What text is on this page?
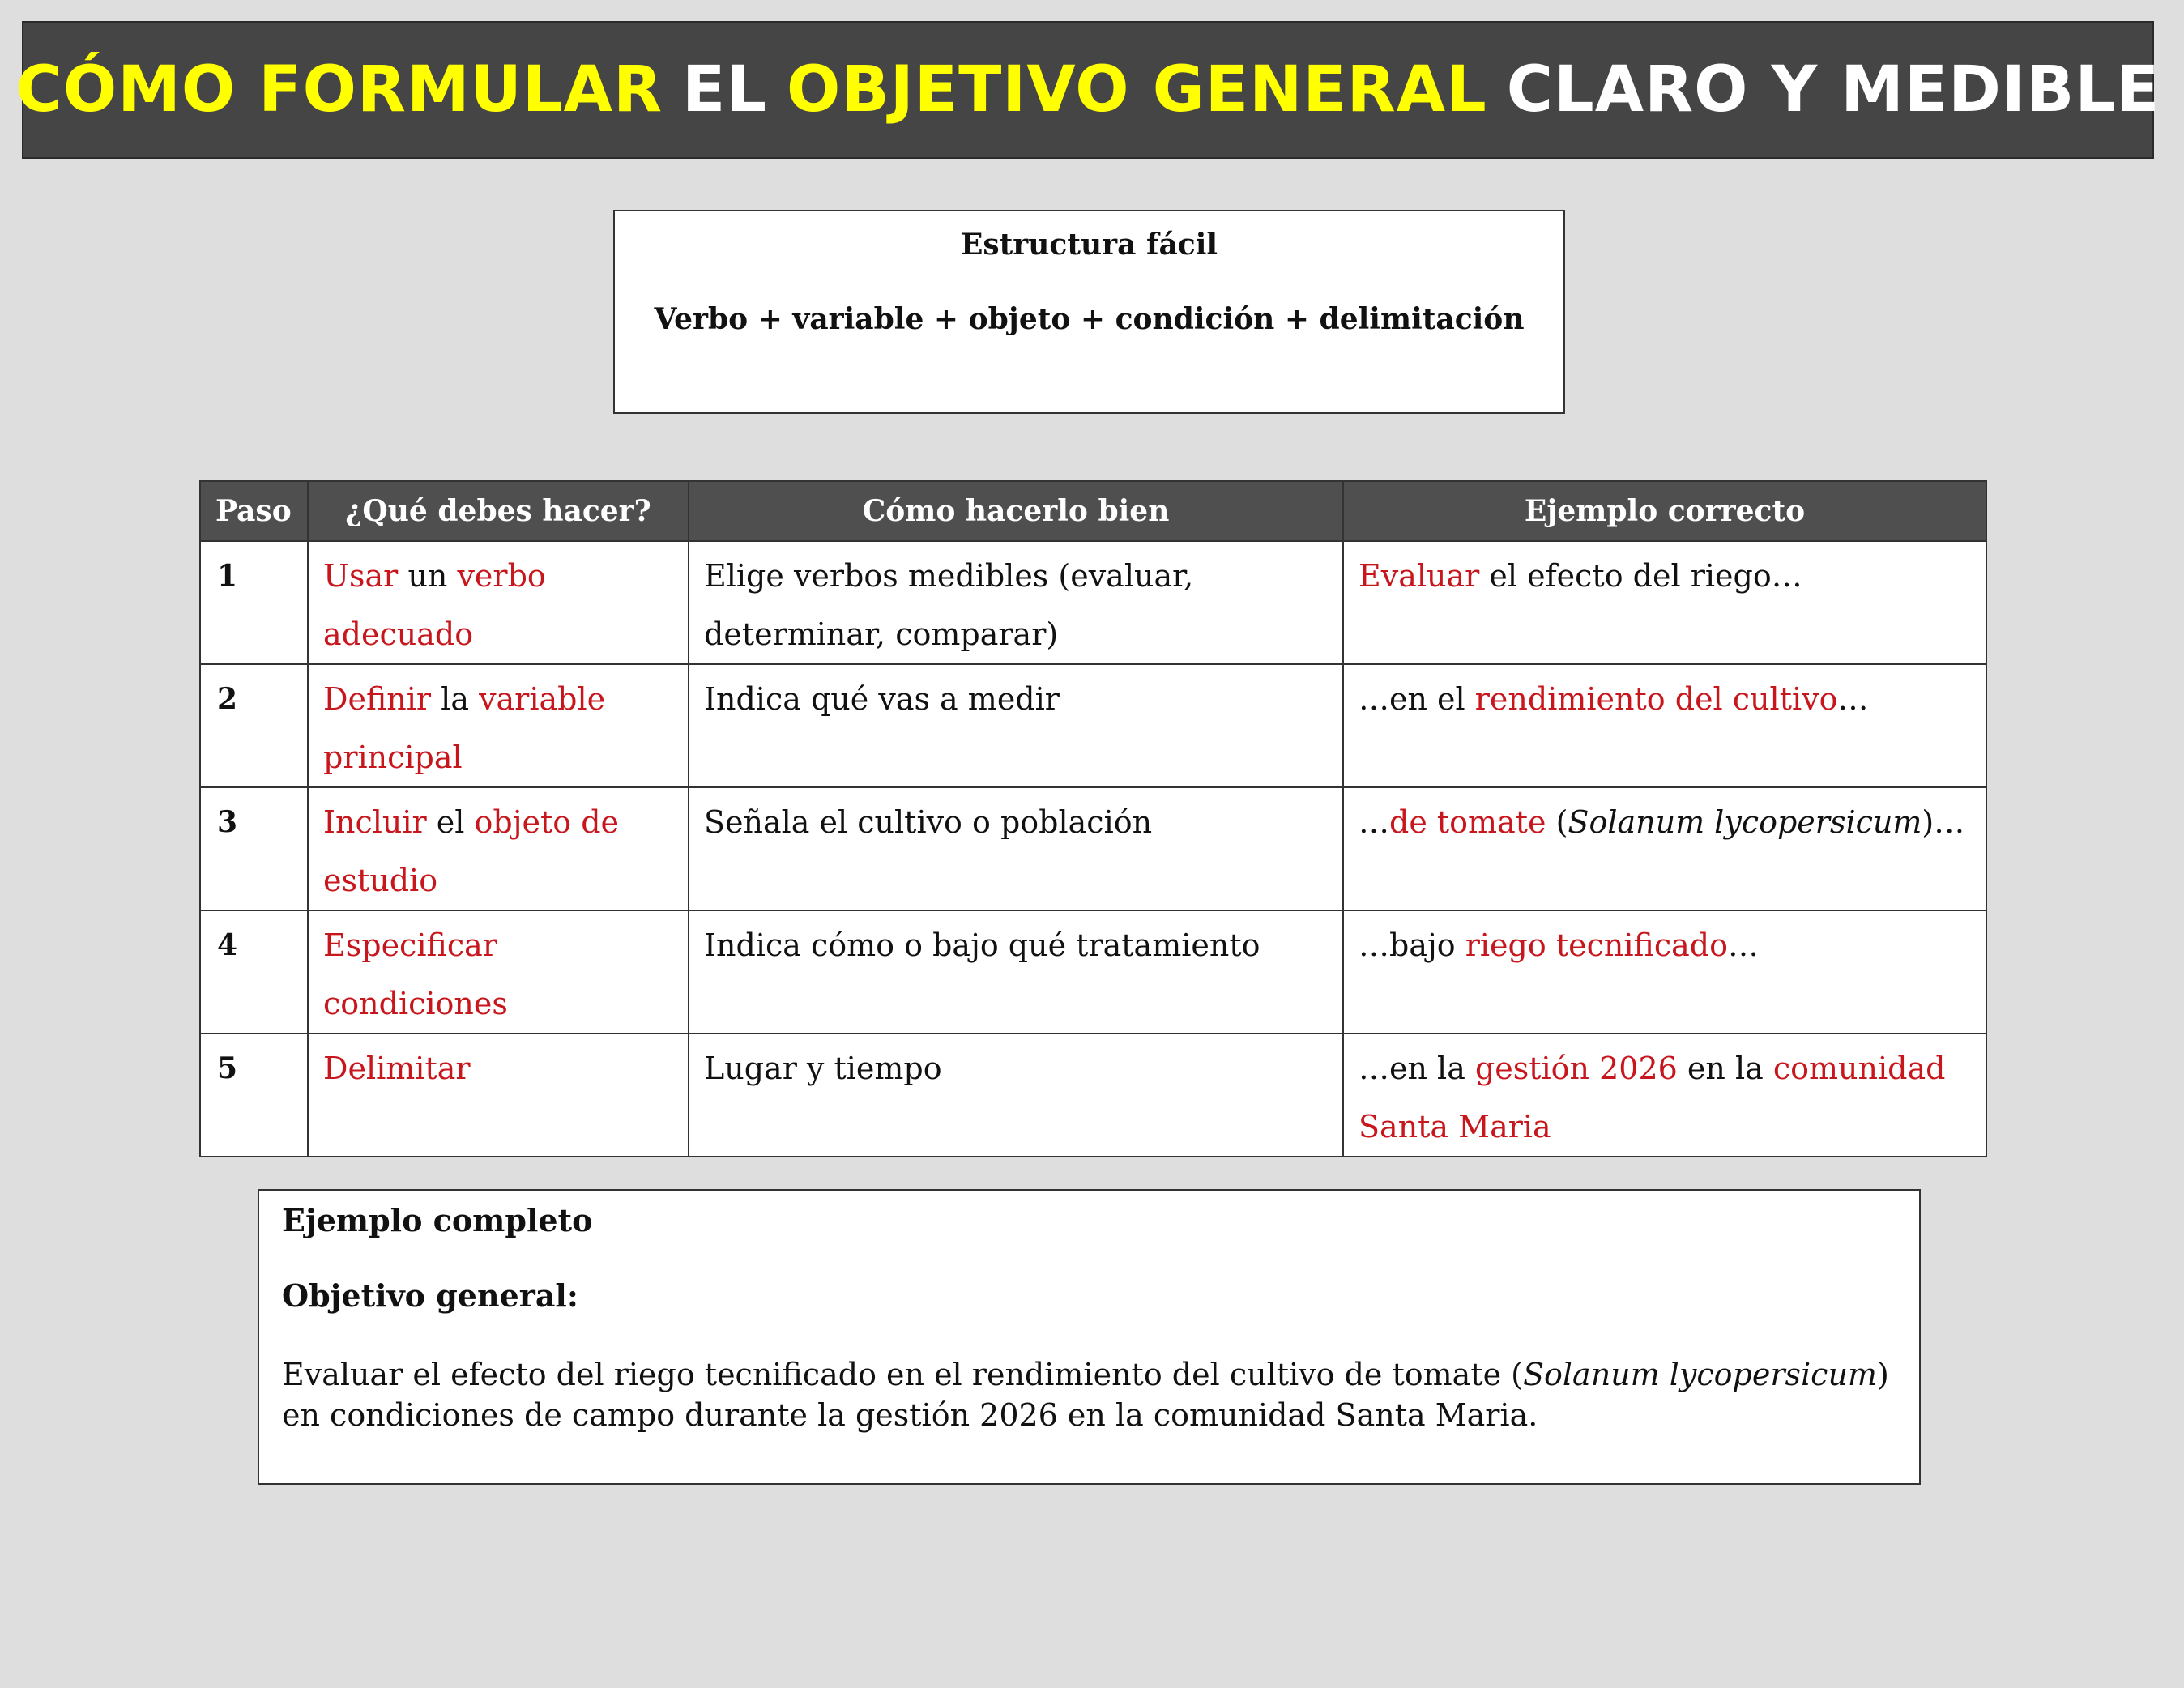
CÓMO FORMULAR EL OBJETIVO GENERAL CLARO Y MEDIBLE
Estructura fácil
Verbo + variable + objeto + condición + delimitación
Paso	¿Qué debes hacer?	Cómo hacerlo bien	Ejemplo correcto
1	Usar un verbo adecuado	Elige verbos medibles (evaluar, determinar, comparar)	Evaluar el efecto del riego…
2	Definir la variable principal	Indica qué vas a medir	…en el rendimiento del cultivo…
3	Incluir el objeto de estudio	Señala el cultivo o población	…de tomate (Solanum lycopersicum)…
4	Especificar condiciones	Indica cómo o bajo qué tratamiento	…bajo riego tecnificado…
5	Delimitar	Lugar y tiempo	…en la gestión 2026 en la comunidad Santa Maria

Ejemplo completo

Objetivo general:

Evaluar el efecto del riego tecnificado en el rendimiento del cultivo de tomate (Solanum lycopersicum) en condiciones de campo durante la gestión 2026 en la comunidad Santa Maria.
